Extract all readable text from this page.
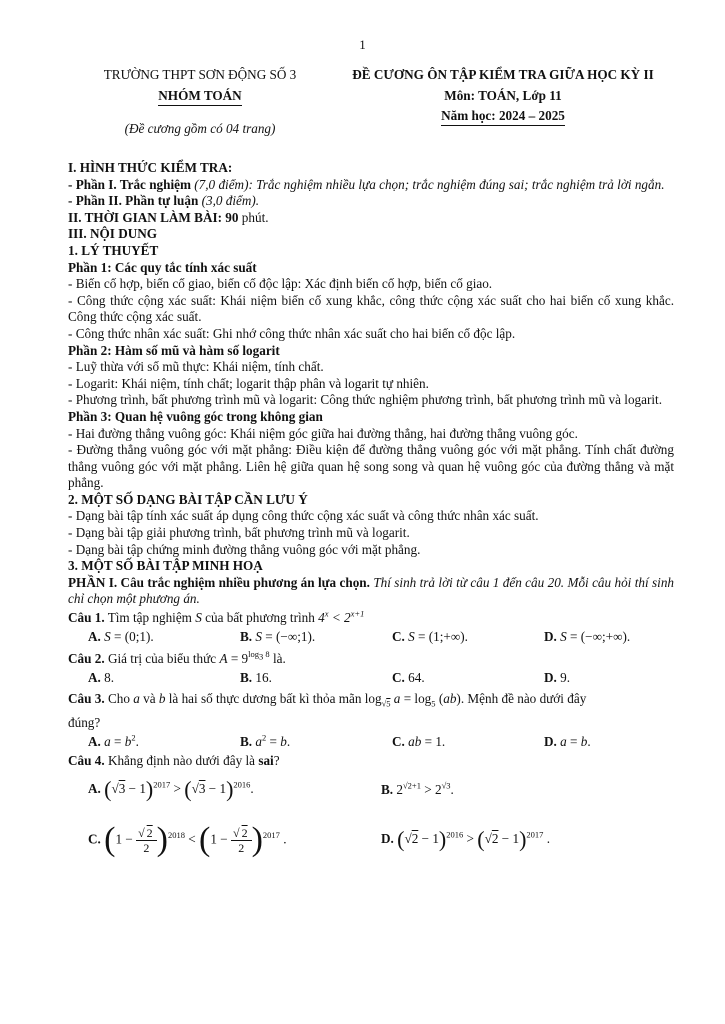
1
TRƯỜNG THPT SƠN ĐỘNG SỐ 3
NHÓM TOÁN
(Đề cương gồm có 04 trang)
ĐỀ CƯƠNG ÔN TẬP KIỂM TRA GIỮA HỌC KỲ II
Môn: TOÁN, Lớp 11
Năm học: 2024 – 2025
I. HÌNH THỨC KIỂM TRA:
- Phần I. Trắc nghiệm (7,0 điểm): Trắc nghiệm nhiều lựa chọn; trắc nghiệm đúng sai; trắc nghiệm trả lời ngắn.
- Phần II. Phần tự luận (3,0 điểm).
II. THỜI GIAN LÀM BÀI: 90 phút.
III. NỘI DUNG
1. LÝ THUYẾT
Phần 1: Các quy tắc tính xác suất
- Biến cố hợp, biến cố giao, biến cố độc lập: Xác định biến cố hợp, biến cố giao.
- Công thức cộng xác suất: Khái niệm biến cố xung khắc, công thức cộng xác suất cho hai biến cố xung khắc. Công thức cộng xác suất.
- Công thức nhân xác suất: Ghi nhớ công thức nhân xác suất cho hai biến cố độc lập.
Phần 2: Hàm số mũ và hàm số logarit
- Luỹ thừa với số mũ thực: Khái niệm, tính chất.
- Logarit: Khái niệm, tính chất; logarit thập phân và logarit tự nhiên.
- Phương trình, bất phương trình mũ và logarit: Công thức nghiệm phương trình, bất phương trình mũ và logarit.
Phần 3: Quan hệ vuông góc trong không gian
- Hai đường thẳng vuông góc: Khái niệm góc giữa hai đường thẳng, hai đường thẳng vuông góc.
- Đường thẳng vuông góc với mặt phẳng: Điều kiện để đường thẳng vuông góc với mặt phẳng. Tính chất đường thẳng vuông góc với mặt phẳng. Liên hệ giữa quan hệ song song và quan hệ vuông góc của đường thẳng và mặt phẳng.
2. MỘT SỐ DẠNG BÀI TẬP CẦN LƯU Ý
- Dạng bài tập tính xác suất áp dụng công thức cộng xác suất và công thức nhân xác suất.
- Dạng bài tập giải phương trình, bất phương trình mũ và logarit.
- Dạng bài tập chứng minh đường thẳng vuông góc với mặt phẳng.
3. MỘT SỐ BÀI TẬP MINH HOẠ
PHẦN I. Câu trắc nghiệm nhiều phương án lựa chọn. Thí sinh trả lời từ câu 1 đến câu 20. Mỗi câu hỏi thí sinh chỉ chọn một phương án.
Câu 1. Tìm tập nghiệm S của bất phương trình $4^x < 2^{x+1}$
A. S = (0;1).	B. S = (−∞;1).	C. S = (1;+∞).	D. S = (−∞;+∞).
Câu 2. Giá trị của biểu thức $A = 9^{log_3 8}$ là.
A. 8.	B. 16.	C. 64.	D. 9.
Câu 3. Cho a và b là hai số thực dương bất kì thỏa mãn $\log_{√5} a = \log_5 (ab)$. Mệnh đề nào dưới đây
đúng?
A. $a = b^2$.	B. $a^2 = b$.	C. ab = 1.	D. a = b.
Câu 4. Khẳng định nào dưới đây là sai?
A. $(√3 - 1)^{2017} > (√3 - 1)^{2016}$.	B. $2^{√2+1} > 2^{√3}$.
C. $(1 - \frac{√ 2}{2} )^{2018} < (1 - \frac{√ 2}{2} )^{2017}$ .	D. $(√2 - 1)^{2016} > (√2 - 1)^{2017}$ .
